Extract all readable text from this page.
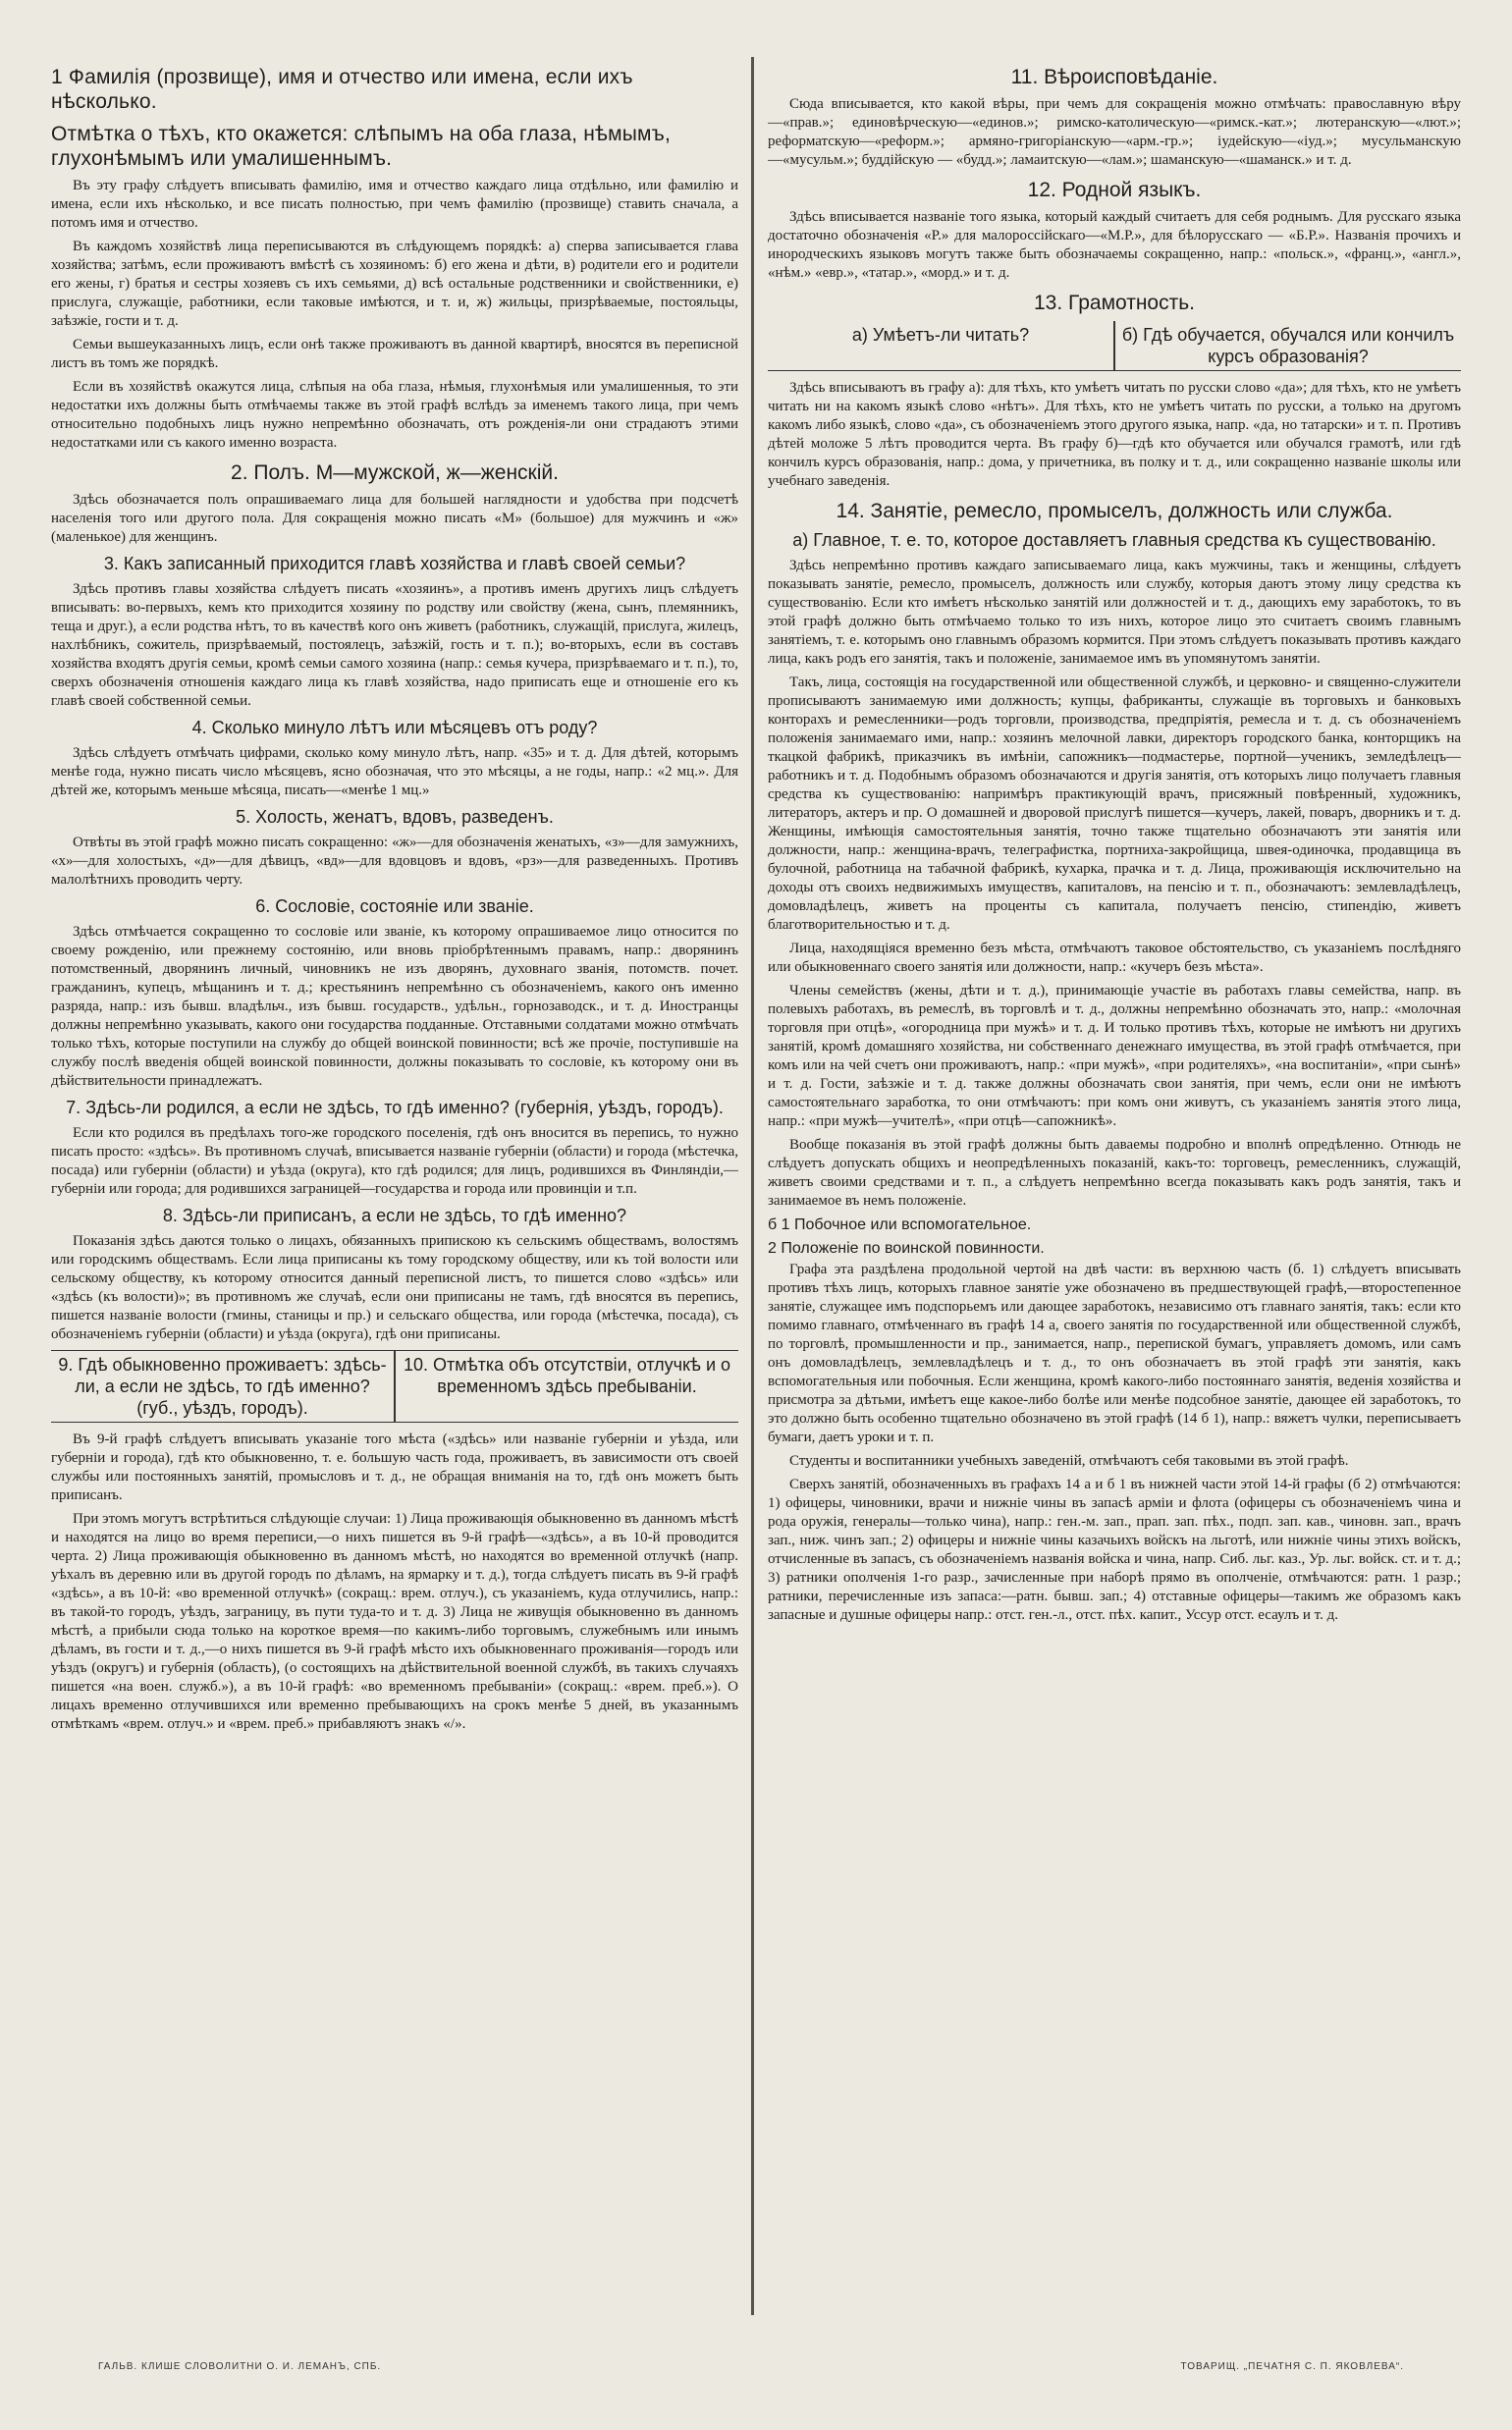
1 Фамилія (прозвище), имя и отчество или имена, если ихъ нѣсколько.
Отмѣтка о тѣхъ, кто окажется: слѣпымъ на оба глаза, нѣмымъ, глухонѣмымъ или умалишеннымъ.

Въ эту графу слѣдуетъ вписывать фамилію, имя и отчество каждаго лица отдѣльно, или фамилію и имена, если ихъ нѣсколько, и все писать полностью, при чемъ фамилію (прозвище) ставить сначала, а потомъ имя и отчество.

Въ каждомъ хозяйствѣ лица переписываются въ слѣдующемъ порядкѣ: а) сперва записывается глава хозяйства; затѣмъ, если проживаютъ вмѣстѣ съ хозяиномъ: б) его жена и дѣти, в) родители его и родители его жены, г) братья и сестры хозяевъ съ ихъ семьями, д) всѣ остальные родственники и свойственники, е) прислуга, служащіе, работники, если таковые имѣются, и т. и, ж) жильцы, призрѣваемые, постояльцы, заѣзжіе, гости и т. д.

Семьи вышеуказанныхъ лицъ, если онѣ также проживаютъ въ данной квартирѣ, вносятся въ переписной листъ въ томъ же порядкѣ.

Если въ хозяйствѣ окажутся лица, слѣпыя на оба глаза, нѣмыя, глухонѣмыя или умалишенныя, то эти недостатки ихъ должны быть отмѣчаемы также въ этой графѣ вслѣдъ за именемъ такого лица, при чемъ относительно подобныхъ лицъ нужно непремѣнно обозначать, отъ рожденія-ли они страдаютъ этими недостатками или съ какого именно возраста.

2. Полъ. М—мужской, ж—женскій.

Здѣсь обозначается полъ опрашиваемаго лица для большей наглядности и удобства при подсчетѣ населенія того или другого пола. Для сокращенія можно писать «М» (большое) для мужчинъ и «ж» (маленькое) для женщинъ.

3. Какъ записанный приходится главѣ хозяйства и главѣ своей семьи?

Здѣсь противъ главы хозяйства слѣдуетъ писать «хозяинъ», а противъ именъ другихъ лицъ слѣдуетъ вписывать: во-первыхъ, кемъ кто приходится хозяину по родству или свойству (жена, сынъ, племянникъ, теща и друг.), а если родства нѣтъ, то въ качествѣ кого онъ живетъ (работникъ, служащій, прислуга, жилецъ, нахлѣбникъ, сожитель, призрѣваемый, постоялецъ, заѣзжій, гость и т. п.); во-вторыхъ, если въ составъ хозяйства входятъ другія семьи, кромѣ семьи самого хозяина (напр.: семья кучера, призрѣваемаго и т. п.), то, сверхъ обозначенія отношенія каждаго лица къ главѣ хозяйства, надо приписать еще и отношеніе его къ главѣ своей собственной семьи.

4. Сколько минуло лѣтъ или мѣсяцевъ отъ роду?

Здѣсь слѣдуетъ отмѣчать цифрами, сколько кому минуло лѣтъ, напр. «35» и т. д. Для дѣтей, которымъ менѣе года, нужно писать число мѣсяцевъ, ясно обозначая, что это мѣсяцы, а не годы, напр.: «2 мц.». Для дѣтей же, которымъ меньше мѣсяца, писать—«менѣе 1 мц.»

5. Холость, женатъ, вдовъ, разведенъ.

Отвѣты въ этой графѣ можно писать сокращенно: «ж»—для обозначенія женатыхъ, «з»—для замужнихъ, «х»—для холостыхъ, «д»—для дѣвицъ, «вд»—для вдовцовъ и вдовъ, «рз»—для разведенныхъ. Противъ малолѣтнихъ проводить черту.

6. Сословіе, состояніе или званіе.

Здѣсь отмѣчается сокращенно то сословіе или званіе, къ которому опрашиваемое лицо относится по своему рожденію, или прежнему состоянію, или вновь пріобрѣтеннымъ правамъ, напр.: дворянинъ потомственный, дворянинъ личный, чиновникъ не изъ дворянъ, духовнаго званія, потомств. почет. гражданинъ, купецъ, мѣщанинъ и т. д.; крестьянинъ непремѣнно съ обозначеніемъ, какого онъ именно разряда, напр.: изъ бывш. владѣльч., изъ бывш. государств., удѣльн., горнозаводск., и т. д. Иностранцы должны непремѣнно указывать, какого они государства подданные. Отставными солдатами можно отмѣчать только тѣхъ, которые поступили на службу до общей воинской повинности; всѣ же прочіе, поступившіе на службу послѣ введенія общей воинской повинности, должны показывать то сословіе, къ которому они въ дѣйствительности принадлежатъ.

7. Здѣсь-ли родился, а если не здѣсь, то гдѣ именно? (губернія, уѣздъ, городъ).

Если кто родился въ предѣлахъ того-же городского поселенія, гдѣ онъ вносится въ перепись, то нужно писать просто: «здѣсь». Въ противномъ случаѣ, вписывается названіе губерніи (области) и города (мѣстечка, посада) или губерніи (области) и уѣзда (округа), кто гдѣ родился; для лицъ, родившихся въ Финляндіи,—губерніи или города; для родившихся заграницей—государства и города или провинціи и т.п.

8. Здѣсь-ли приписанъ, а если не здѣсь, то гдѣ именно?

Показанія здѣсь даются только о лицахъ, обязанныхъ припискою къ сельскимъ обществамъ, волостямъ или городскимъ обществамъ. Если лица приписаны къ тому городскому обществу, или къ той волости или сельскому обществу, къ которому относится данный переписной листъ, то пишется слово «здѣсь» или «здѣсь (къ волости)»; въ противномъ же случаѣ, если они приписаны не тамъ, гдѣ вносятся въ перепись, пишется названіе волости (гмины, станицы и пр.) и сельскаго общества, или города (мѣстечка, посада), съ обозначеніемъ губерніи (области) и уѣзда (округа), гдѣ они приписаны.

9. Гдѣ обыкновенно проживаетъ: здѣсь-ли, а если не здѣсь, то гдѣ именно? (губ., уѣздъ, городъ).
10. Отмѣтка объ отсутствіи, отлучкѣ и о временномъ здѣсь пребываніи.

Въ 9-й графѣ слѣдуетъ вписывать указаніе того мѣста («здѣсь» или названіе губерніи и уѣзда, или губерніи и города), гдѣ кто обыкновенно, т. е. большую часть года, проживаетъ, въ зависимости отъ своей службы или постоянныхъ занятій, промысловъ и т. д., не обращая вниманія на то, гдѣ онъ можетъ быть приписанъ.

При этомъ могутъ встрѣтиться слѣдующіе случаи: 1) Лица проживающія обыкновенно въ данномъ мѣстѣ и находятся на лицо во время переписи,—о нихъ пишется въ 9-й графѣ—«здѣсь», а въ 10-й проводится черта. 2) Лица проживающія обыкновенно въ данномъ мѣстѣ, но находятся во временной отлучкѣ (напр. уѣхалъ въ деревню или въ другой городъ по дѣламъ, на ярмарку и т. д.), тогда слѣдуетъ писать въ 9-й графѣ «здѣсь», а въ 10-й: «во временной отлучкѣ» (сокращ.: врем. отлуч.), съ указаніемъ, куда отлучились, напр.: въ такой-то городъ, уѣздъ, заграницу, въ пути туда-то и т. д. 3) Лица не живущія обыкновенно въ данномъ мѣстѣ, а прибыли сюда только на короткое время—по какимъ-либо торговымъ, служебнымъ или инымъ дѣламъ, въ гости и т. д.,—о нихъ пишется въ 9-й графѣ мѣсто ихъ обыкновеннаго проживанія—городъ или уѣздъ (округъ) и губернія (область), (о состоящихъ на дѣйствительной военной службѣ, въ такихъ случаяхъ пишется «на воен. служб.»), а въ 10-й графѣ: «во временномъ пребываніи» (сокращ.: «врем. преб.»). О лицахъ временно отлучившихся или временно пребывающихъ на срокъ менѣе 5 дней, въ указаннымъ отмѣткамъ «врем. отлуч.» и «врем. преб.» прибавляютъ знакъ «/».

11. Вѣроисповѣданіе.

Сюда вписывается, кто какой вѣры, при чемъ для сокращенія можно отмѣчать: православную вѣру—«прав.»; единовѣрческую—«единов.»; римско-католическую—«римск.-кат.»; лютеранскую—«лют.»; реформатскую—«реформ.»; армяно-григоріанскую—«арм.-гр.»; іудейскую—«іуд.»; мусульманскую—«мусульм.»; буддійскую — «будд.»; ламаитскую—«лам.»; шаманскую—«шаманск.» и т. д.

12. Родной языкъ.

Здѣсь вписывается названіе того языка, который каждый считаетъ для себя роднымъ. Для русскаго языка достаточно обозначенія «Р.» для малороссійскаго—«М.Р.», для бѣлорусскаго — «Б.Р.». Названія прочихъ и инородческихъ языковъ могутъ также быть обозначаемы сокращенно, напр.: «польск.», «франц.», «англ.», «нѣм.» «евр.», «татар.», «морд.» и т. д.

13. Грамотность.
а) Умѣетъ-ли читать?	б) Гдѣ обучается, обучался или кончилъ курсъ образованія?

Здѣсь вписываютъ въ графу а): для тѣхъ, кто умѣетъ читать по русски слово «да»; для тѣхъ, кто не умѣетъ читать ни на какомъ языкѣ слово «нѣтъ». Для тѣхъ, кто не умѣетъ читать по русски, а только на другомъ какомъ либо языкѣ, слово «да», съ обозначеніемъ этого другого языка, напр. «да, но татарски» и т. п. Противъ дѣтей моложе 5 лѣтъ проводится черта. Въ графу б)—гдѣ кто обучается или обучался грамотѣ, или гдѣ кончилъ курсъ образованія, напр.: дома, у причетника, въ полку и т. д., или сокращенно названіе школы или учебнаго заведенія.

14. Занятіе, ремесло, промыселъ, должность или служба.
а) Главное, т. е. то, которое доставляетъ главныя средства къ существованію.

Здѣсь непремѣнно противъ каждаго записываемаго лица, какъ мужчины, такъ и женщины, слѣдуетъ показывать занятіе, ремесло, промыселъ, должность или службу, которыя даютъ этому лицу средства къ существованію. Если кто имѣетъ нѣсколько занятій или должностей и т. д., дающихъ ему заработокъ, то въ этой графѣ должно быть отмѣчаемо только то изъ нихъ, которое лицо это считаетъ своимъ главнымъ занятіемъ, т. е. которымъ оно главнымъ образомъ кормится. При этомъ слѣдуетъ показывать противъ каждаго лица, какъ родъ его занятія, такъ и положеніе, занимаемое имъ въ упомянутомъ занятіи.

Такъ, лица, состоящія на государственной или общественной службѣ, и церковно- и священно-служители прописываютъ занимаемую ими должность; купцы, фабриканты, служащіе въ торговыхъ и банковыхъ конторахъ и ремесленники—родъ торговли, производства, предпріятія, ремесла и т. д. съ обозначеніемъ положенія занимаемаго ими, напр.: хозяинъ мелочной лавки, директоръ городского банка, конторщикъ на ткацкой фабрикѣ, приказчикъ въ имѣніи, сапожникъ—подмастерье, портной—ученикъ, земледѣлецъ—работникъ и т. д. Подобнымъ образомъ обозначаются и другія занятія, отъ которыхъ лицо получаетъ главныя средства къ существованію: напримѣръ практикующій врачъ, присяжный повѣренный, художникъ, литераторъ, актеръ и пр. О домашней и дворовой прислугѣ пишется—кучеръ, лакей, поваръ, дворникъ и т. д. Женщины, имѣющія самостоятельныя занятія, точно также тщательно обозначаютъ эти занятія или должности, напр.: женщина-врачъ, телеграфистка, портниха-закройщица, швея-одиночка, продавщица въ булочной, работница на табачной фабрикѣ, кухарка, прачка и т. д. Лица, проживающія исключительно на доходы отъ своихъ недвижимыхъ имуществъ, капиталовъ, на пенсію и т. п., обозначаютъ: землевладѣлецъ, домовладѣлецъ, живетъ на проценты съ капитала, получаетъ пенсію, стипендію, живетъ благотворительностью и т. д.

Лица, находящіяся временно безъ мѣста, отмѣчаютъ таковое обстоятельство, съ указаніемъ послѣдняго или обыкновеннаго своего занятія или должности, напр.: «кучеръ безъ мѣста».

Члены семействъ (жены, дѣти и т. д.), принимающіе участіе въ работахъ главы семейства, напр. въ полевыхъ работахъ, въ ремеслѣ, въ торговлѣ и т. д., должны непремѣнно обозначать это, напр.: «молочная торговля при отцѣ», «огородница при мужѣ» и т. д. И только противъ тѣхъ, которые не имѣютъ ни другихъ занятій, кромѣ домашняго хозяйства, ни собственнаго денежнаго имущества, въ этой графѣ отмѣчается, при комъ или на чей счетъ они проживаютъ, напр.: «при мужѣ», «при родителяхъ», «на воспитаніи», «при сынѣ» и т. д. Гости, заѣзжіе и т. д. также должны обозначать свои занятія, при чемъ, если они не имѣютъ самостоятельнаго заработка, то они отмѣчаютъ: при комъ они живутъ, съ указаніемъ занятія этого лица, напр.: «при мужѣ—учителѣ», «при отцѣ—сапожникѣ».

Вообще показанія въ этой графѣ должны быть даваемы подробно и вполнѣ опредѣленно. Отнюдь не слѣдуетъ допускать общихъ и неопредѣленныхъ показаній, какъ-то: торговецъ, ремесленникъ, служащій, живетъ своими средствами и т. п., а слѣдуетъ непремѣнно всегда показывать какъ родъ занятія, такъ и занимаемое въ немъ положеніе.

б 1 Побочное или вспомогательное.
2 Положеніе по воинской повинности.

Графа эта раздѣлена продольной чертой на двѣ части: въ верхнюю часть (б. 1) слѣдуетъ вписывать противъ тѣхъ лицъ, которыхъ главное занятіе уже обозначено въ предшествующей графѣ,—второстепенное занятіе, служащее имъ подспорьемъ или дающее заработокъ, независимо отъ главнаго занятія, такъ: если кто помимо главнаго, отмѣченнаго въ графѣ 14 а, своего занятія по государственной или общественной службѣ, по торговлѣ, промышленности и пр., занимается, напр., перепиской бумагъ, управляетъ домомъ, или самъ онъ домовладѣлецъ, землевладѣлецъ и т. д., то онъ обозначаетъ въ этой графѣ эти занятія, какъ вспомогательныя или побочныя. Если женщина, кромѣ какого-либо постояннаго занятія, веденія хозяйства и присмотра за дѣтьми, имѣетъ еще какое-либо болѣе или менѣе подсобное занятіе, дающее ей заработокъ, то это должно быть особенно тщательно обозначено въ этой графѣ (14 б 1), напр.: вяжетъ чулки, переписываетъ бумаги, даетъ уроки и т. п.

Студенты и воспитанники учебныхъ заведеній, отмѣчаютъ себя таковыми въ этой графѣ.

Сверхъ занятій, обозначенныхъ въ графахъ 14 а и б 1 въ нижней части этой 14-й графы (б 2) отмѣчаются: 1) офицеры, чиновники, врачи и нижніе чины въ запасѣ арміи и флота (офицеры съ обозначеніемъ чина и рода оружія, генералы—только чина), напр.: ген.-м. зап., прап. зап. пѣх., подп. зап. кав., чиновн. зап., врачъ зап., ниж. чинъ зап.; 2) офицеры и нижніе чины казачьихъ войскъ на льготѣ, или нижніе чины этихъ войскъ, отчисленные въ запасъ, съ обозначеніемъ названія войска и чина, напр. Сиб. льг. каз., Ур. льг. войск. ст. и т. д.; 3) ратники ополченія 1-го разр., зачисленные при наборѣ прямо въ ополченіе, отмѣчаются: ратн. 1 разр.; ратники, перечисленные изъ запаса:—ратн. бывш. зап.; 4) отставные офицеры—такимъ же образомъ какъ запасные и душные офицеры напр.: отст. ген.-л., отст. пѣх. капит., Уссур отст. есаулъ и т. д.

ГАЛЬВ. КЛИШЕ СЛОВОЛИТНИ О. И. ЛЕМАНЪ, СПБ.	ТОВАРИЩ. „ПЕЧАТНЯ С. П. ЯКОВЛЕВА“.
